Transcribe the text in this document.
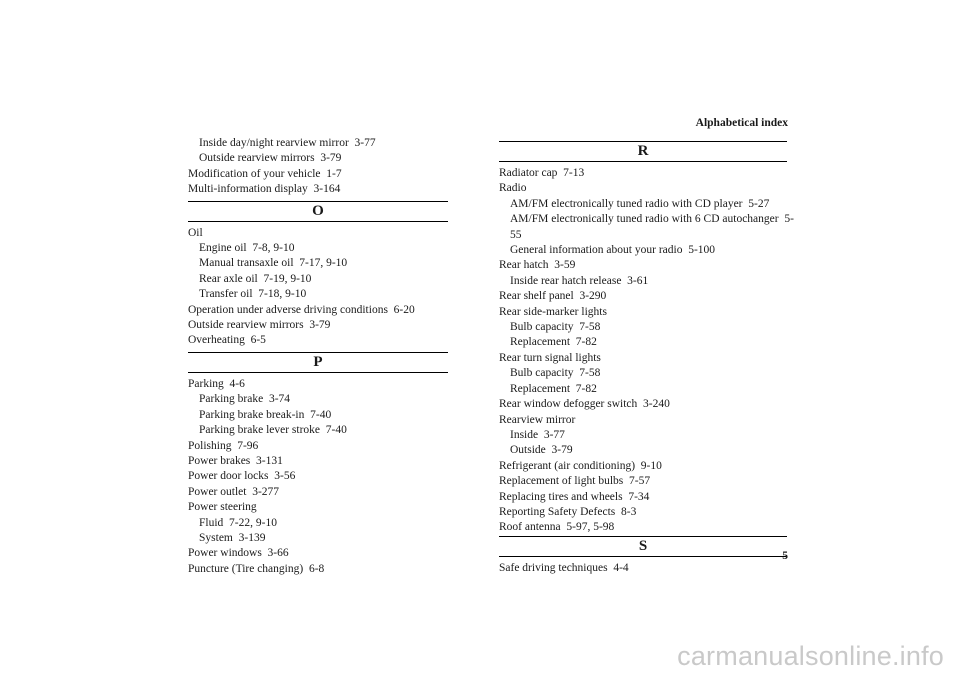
Alphabetical index
Inside day/night rearview mirror 3-77
Outside rearview mirrors 3-79
Modification of your vehicle 1-7
Multi-information display 3-164
O
Oil
Engine oil 7-8, 9-10
Manual transaxle oil 7-17, 9-10
Rear axle oil 7-19, 9-10
Transfer oil 7-18, 9-10
Operation under adverse driving conditions 6-20
Outside rearview mirrors 3-79
Overheating 6-5
P
Parking 4-6
Parking brake 3-74
Parking brake break-in 7-40
Parking brake lever stroke 7-40
Polishing 7-96
Power brakes 3-131
Power door locks 3-56
Power outlet 3-277
Power steering
Fluid 7-22, 9-10
System 3-139
Power windows 3-66
Puncture (Tire changing) 6-8
R
Radiator cap 7-13
Radio
AM/FM electronically tuned radio with CD player 5-27
AM/FM electronically tuned radio with 6 CD autochanger 5-
55
General information about your radio 5-100
Rear hatch 3-59
Inside rear hatch release 3-61
Rear shelf panel 3-290
Rear side-marker lights
Bulb capacity 7-58
Replacement 7-82
Rear turn signal lights
Bulb capacity 7-58
Replacement 7-82
Rear window defogger switch 3-240
Rearview mirror
Inside 3-77
Outside 3-79
Refrigerant (air conditioning) 9-10
Replacement of light bulbs 7-57
Replacing tires and wheels 7-34
Reporting Safety Defects 8-3
Roof antenna 5-97, 5-98
S
Safe driving techniques 4-4
5
carmanualsonline.info
